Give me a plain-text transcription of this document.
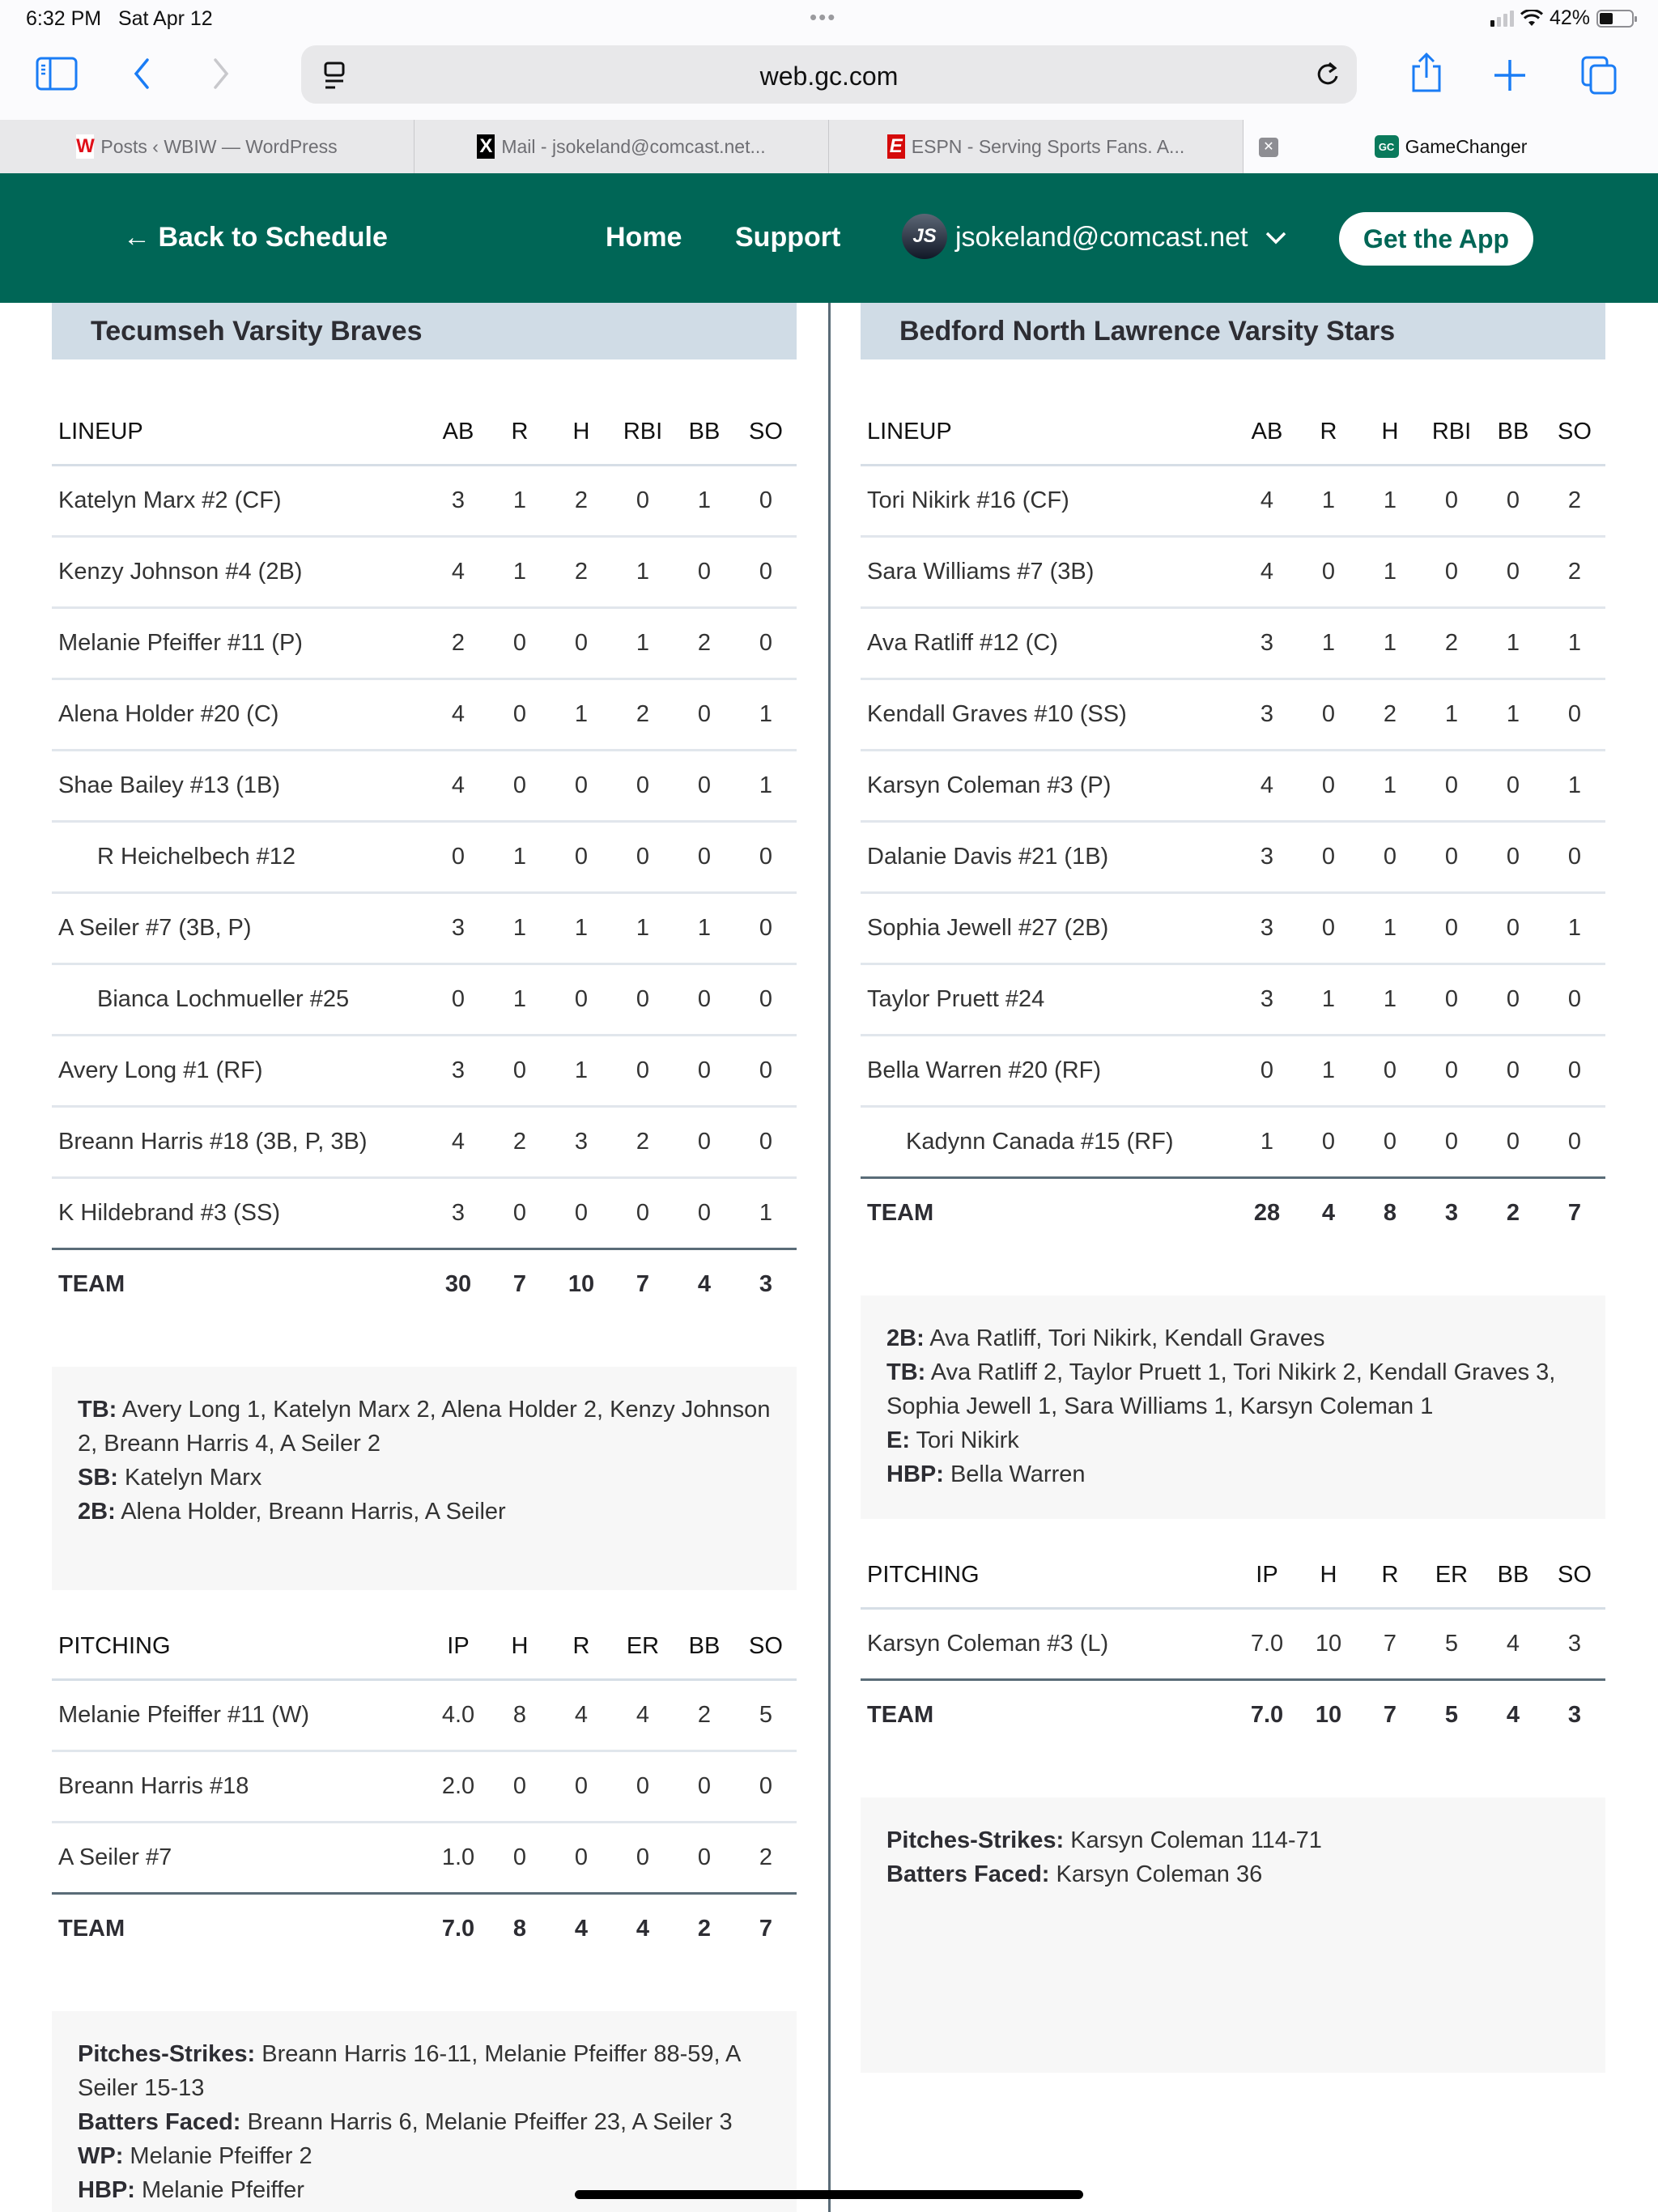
6:32 PM Sat Apr 12	•••	42%
web.gc.com
W Posts ‹ WBIW — WordPress	X Mail - jsokeland@comcast.net...	E ESPN - Serving Sports Fans. A...	GC GameChanger
✕
← Back to Schedule	Home Support	JS jsokeland@comcast.net	Get the App
Tecumseh Varsity Braves
LINEUP	AB	R	H	RBI	BB	SO
Katelyn Marx #2 (CF)	3	1	2	0	1	0
Kenzy Johnson #4 (2B)	4	1	2	1	0	0
Melanie Pfeiffer #11 (P)	2	0	0	1	2	0
Alena Holder #20 (C)	4	0	1	2	0	1
Shae Bailey #13 (1B)	4	0	0	0	0	1
R Heichelbech #12	0	1	0	0	0	0
A Seiler #7 (3B, P)	3	1	1	1	1	0
Bianca Lochmueller #25	0	1	0	0	0	0
Avery Long #1 (RF)	3	0	1	0	0	0
Breann Harris #18 (3B, P, 3B)	4	2	3	2	0	0
K Hildebrand #3 (SS)	3	0	0	0	0	1
TEAM	30	7	10	7	4	3
TB: Avery Long 1, Katelyn Marx 2, Alena Holder 2, Kenzy Johnson 2, Breann Harris 4, A Seiler 2
SB: Katelyn Marx
2B: Alena Holder, Breann Harris, A Seiler
PITCHING	IP	H	R	ER	BB	SO
Melanie Pfeiffer #11 (W)	4.0	8	4	4	2	5
Breann Harris #18	2.0	0	0	0	0	0
A Seiler #7	1.0	0	0	0	0	2
TEAM	7.0	8	4	4	2	7
Pitches-Strikes: Breann Harris 16-11, Melanie Pfeiffer 88-59, A Seiler 15-13
Batters Faced: Breann Harris 6, Melanie Pfeiffer 23, A Seiler 3
WP: Melanie Pfeiffer 2
HBP: Melanie Pfeiffer
Bedford North Lawrence Varsity Stars
LINEUP	AB	R	H	RBI	BB	SO
Tori Nikirk #16 (CF)	4	1	1	0	0	2
Sara Williams #7 (3B)	4	0	1	0	0	2
Ava Ratliff #12 (C)	3	1	1	2	1	1
Kendall Graves #10 (SS)	3	0	2	1	1	0
Karsyn Coleman #3 (P)	4	0	1	0	0	1
Dalanie Davis #21 (1B)	3	0	0	0	0	0
Sophia Jewell #27 (2B)	3	0	1	0	0	1
Taylor Pruett #24	3	1	1	0	0	0
Bella Warren #20 (RF)	0	1	0	0	0	0
Kadynn Canada #15 (RF)	1	0	0	0	0	0
TEAM	28	4	8	3	2	7
2B: Ava Ratliff, Tori Nikirk, Kendall Graves
TB: Ava Ratliff 2, Taylor Pruett 1, Tori Nikirk 2, Kendall Graves 3, Sophia Jewell 1, Sara Williams 1, Karsyn Coleman 1
E: Tori Nikirk
HBP: Bella Warren
PITCHING	IP	H	R	ER	BB	SO
Karsyn Coleman #3 (L)	7.0	10	7	5	4	3
TEAM	7.0	10	7	5	4	3
Pitches-Strikes: Karsyn Coleman 114-71
Batters Faced: Karsyn Coleman 36
